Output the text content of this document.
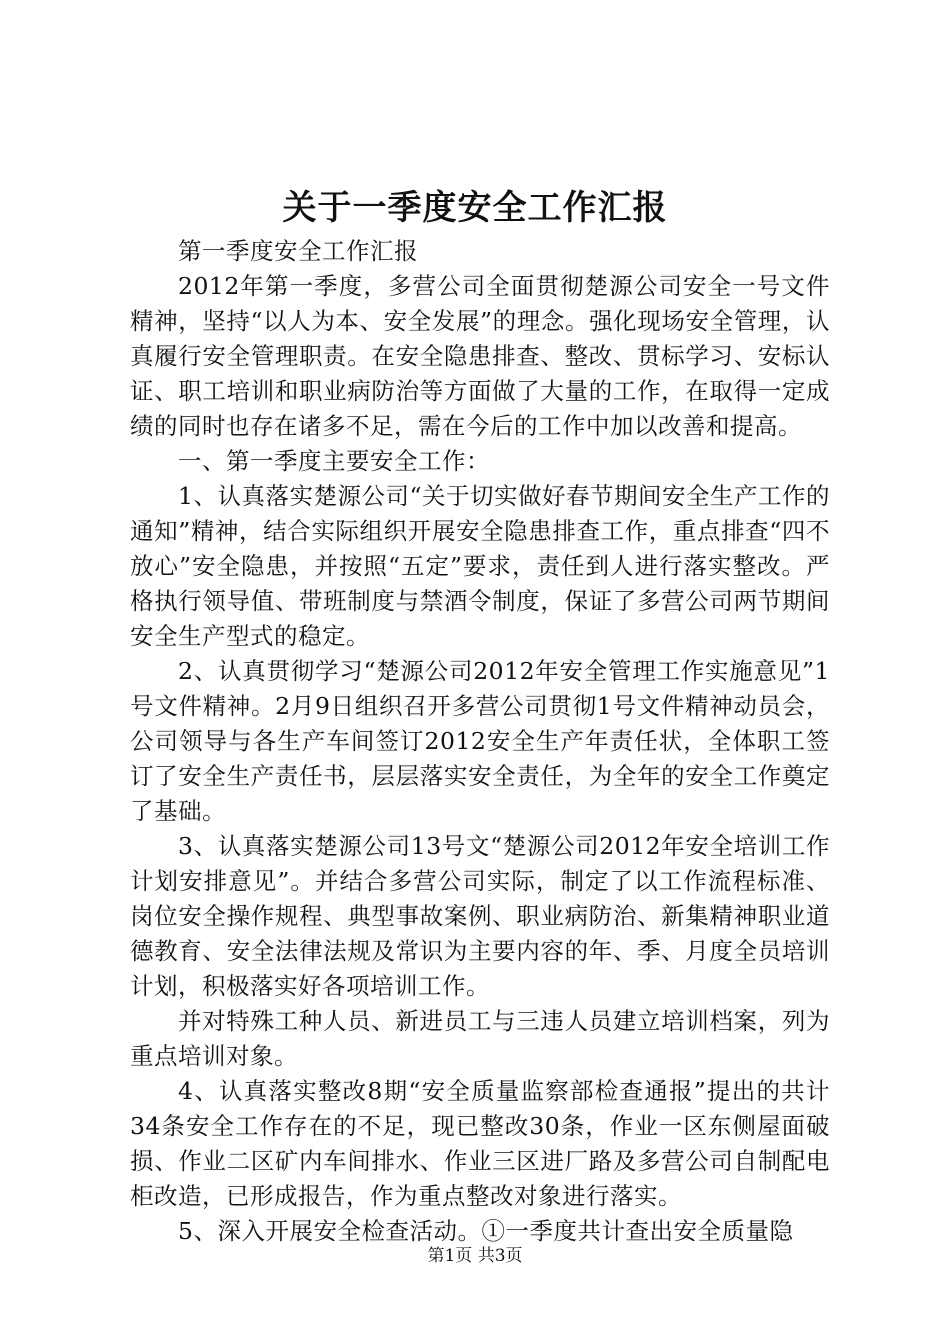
关于一季度安全工作汇报

第一季度安全工作汇报

2012年第一季度，多营公司全面贯彻楚源公司安全一号文件精神，坚持“以人为本、安全发展”的理念。强化现场安全管理，认真履行安全管理职责。在安全隐患排查、整改、贯标学习、安标认证、职工培训和职业病防治等方面做了大量的工作，在取得一定成绩的同时也存在诸多不足，需在今后的工作中加以改善和提高。

一、第一季度主要安全工作：

1、认真落实楚源公司“关于切实做好春节期间安全生产工作的通知”精神，结合实际组织开展安全隐患排查工作，重点排查“四不放心”安全隐患，并按照“五定”要求，责任到人进行落实整改。严格执行领导值、带班制度与禁酒令制度，保证了多营公司两节期间安全生产型式的稳定。

2、认真贯彻学习“楚源公司2012年安全管理工作实施意见”1号文件精神。2月9日组织召开多营公司贯彻1号文件精神动员会，公司领导与各生产车间签订2012安全生产年责任状，全体职工签订了安全生产责任书，层层落实安全责任，为全年的安全工作奠定了基础。

3、认真落实楚源公司13号文“楚源公司2012年安全培训工作计划安排意见”。并结合多营公司实际，制定了以工作流程标准、岗位安全操作规程、典型事故案例、职业病防治、新集精神职业道德教育、安全法律法规及常识为主要内容的年、季、月度全员培训计划，积极落实好各项培训工作。

并对特殊工种人员、新进员工与三违人员建立培训档案，列为重点培训对象。

4、认真落实整改8期“安全质量监察部检查通报”提出的共计34条安全工作存在的不足，现已整改30条，作业一区东侧屋面破损、作业二区矿内车间排水、作业三区进厂路及多营公司自制配电柜改造，已形成报告，作为重点整改对象进行落实。

5、深入开展安全检查活动。①一季度共计查出安全质量隐

第1页 共3页
